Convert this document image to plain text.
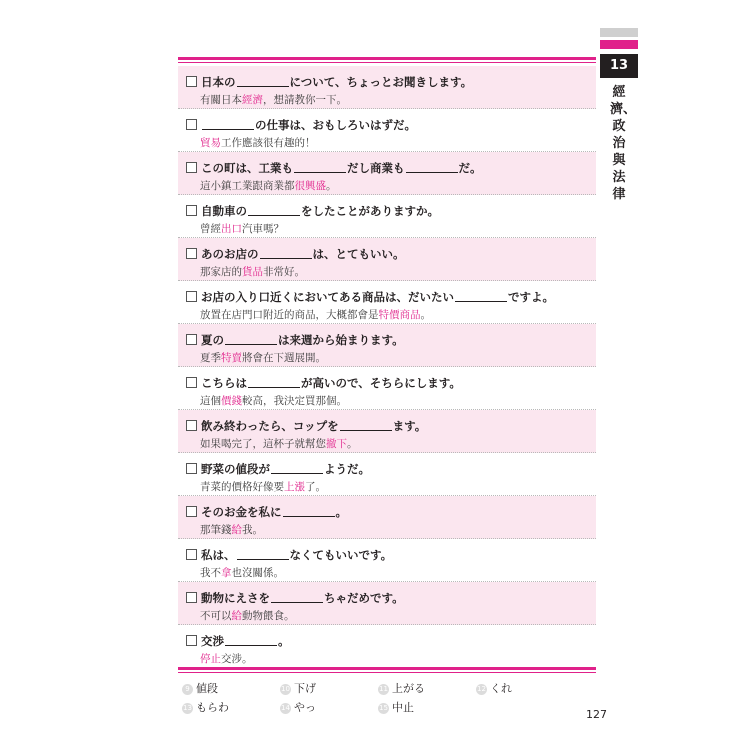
13
經濟、政治與法律
日本の	について、ちょっとお聞きします。
有關日本經濟，想請教你一下。
の仕事は、おもしろいはずだ。
貿易工作應該很有趣的！
この町は、工業も	だし商業も	だ。
這小鎮工業跟商業都很興盛。
自動車の	をしたことがありますか。
曾經出口汽車嗎？
あのお店の	は、とてもいい。
那家店的貨品非常好。
お店の入り口近くにおいてある商品は、だいたい	ですよ。
放置在店門口附近的商品，大概都會是特價商品。
夏の	は来週から始まります。
夏季特賣將會在下週展開。
こちらは	が高いので、そちらにします。
這個價錢較高，我決定買那個。
飲み終わったら、コップを	ます。
如果喝完了，這杯子就幫您撤下。
野菜の値段が	ようだ。
青菜的價格好像要上漲了。
そのお金を私に	。
那筆錢給我。
私は、	なくてもいいです。
我不拿也沒關係。
動物にえさを	ちゃだめです。
不可以給動物餵食。
交渉	。
停止交涉。
9 値段	10 下げ	11 上がる	12 くれ
13 もらわ	14 やっ	15 中止
127
